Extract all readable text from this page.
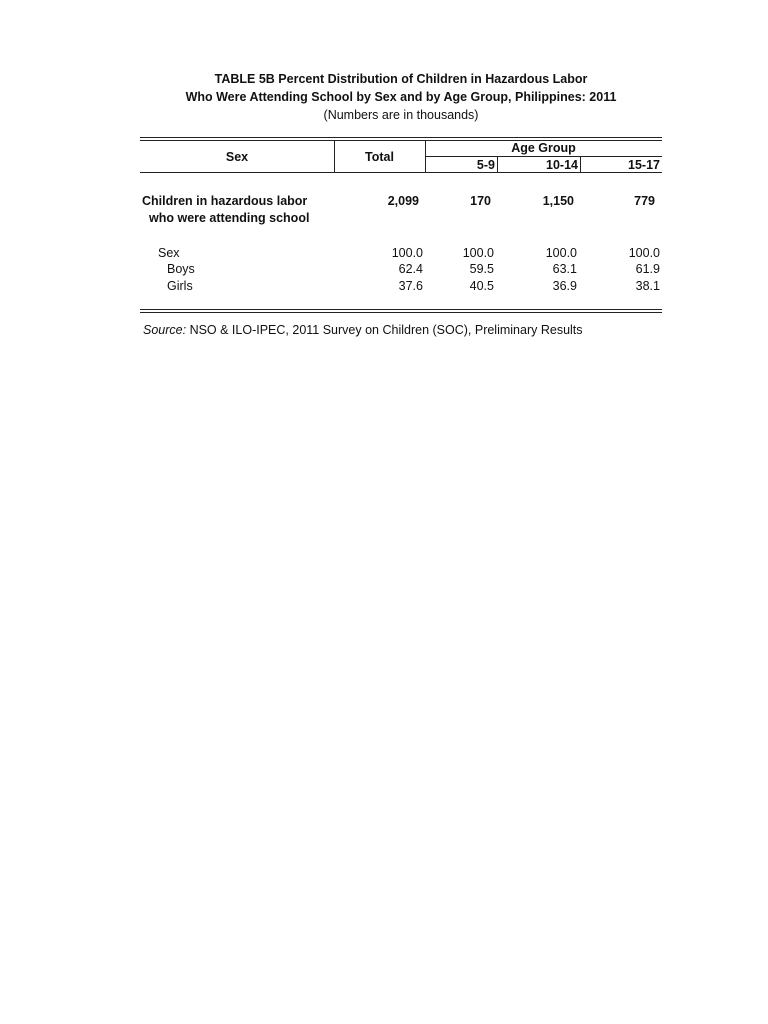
TABLE 5B Percent Distribution of Children in Hazardous Labor
Who Were Attending School by Sex and by Age Group, Philippines: 2011
(Numbers are in thousands)
Sex	Total
Age Group
5-9	10-14	15-17
Children in hazardous labor
who were attending school
2,099	170	1,150	779
Sex	100.0	100.0	100.0	100.0
Boys	62.4	59.5	63.1	61.9
Girls	37.6	40.5	36.9	38.1
Source: NSO & ILO-IPEC, 2011 Survey on Children (SOC), Preliminary Results
